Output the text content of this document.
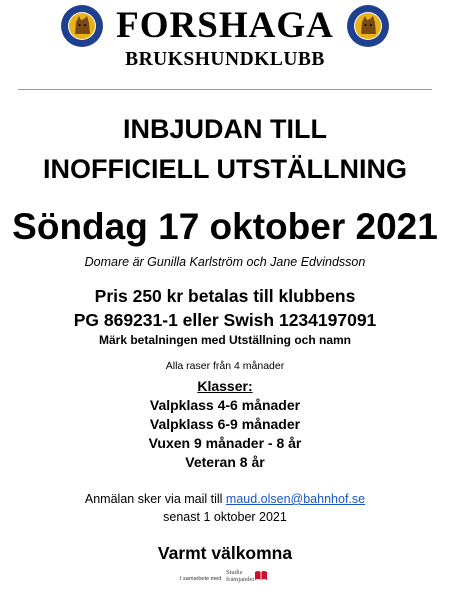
FORSHAGA
BRUKSHUNDKLUBB
INBJUDAN TILL
INOFFICIELL UTSTÄLLNING
Söndag 17 oktober 2021
Domare är Gunilla Karlström och Jane Edvindsson
Pris 250 kr betalas till klubbens
PG 869231-1 eller Swish 1234197091
Märk betalningen med Utställning och namn
Alla raser från 4 månader
Klasser:
Valpklass 4-6 månader
Valpklass 6-9 månader
Vuxen 9 månader - 8 år
Veteran 8 år
Anmälan sker via mail till maud.olsen@bahnhof.se
senast 1 oktober 2021
Varmt välkomna
I samarbete med
Studie
främjandet
